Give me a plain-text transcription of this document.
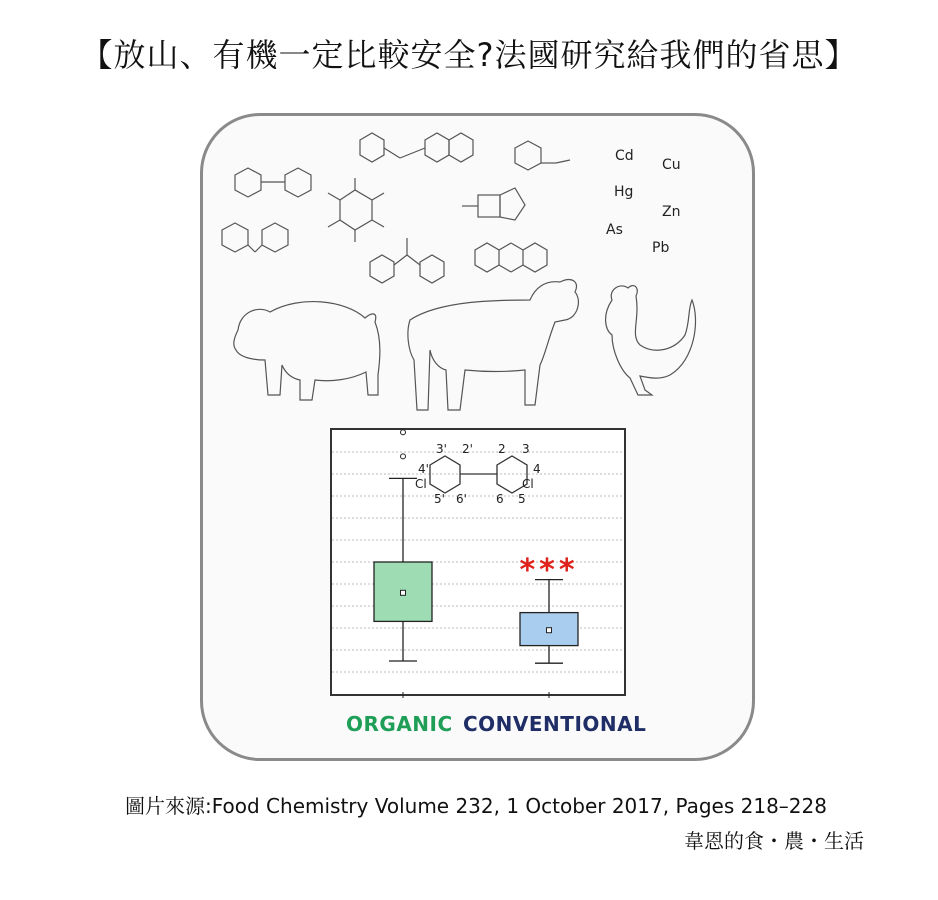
【放山、有機一定比較安全?法國研究給我們的省思】
Cd
Cu
Hg
Zn
As
Pb
***
3' 2' 2 3
4'	4
Cl	Cl
5' 6' 6 5
ORGANIC CONVENTIONAL
圖片來源:Food Chemistry Volume 232, 1 October 2017, Pages 218–228
韋恩的食・農・生活
